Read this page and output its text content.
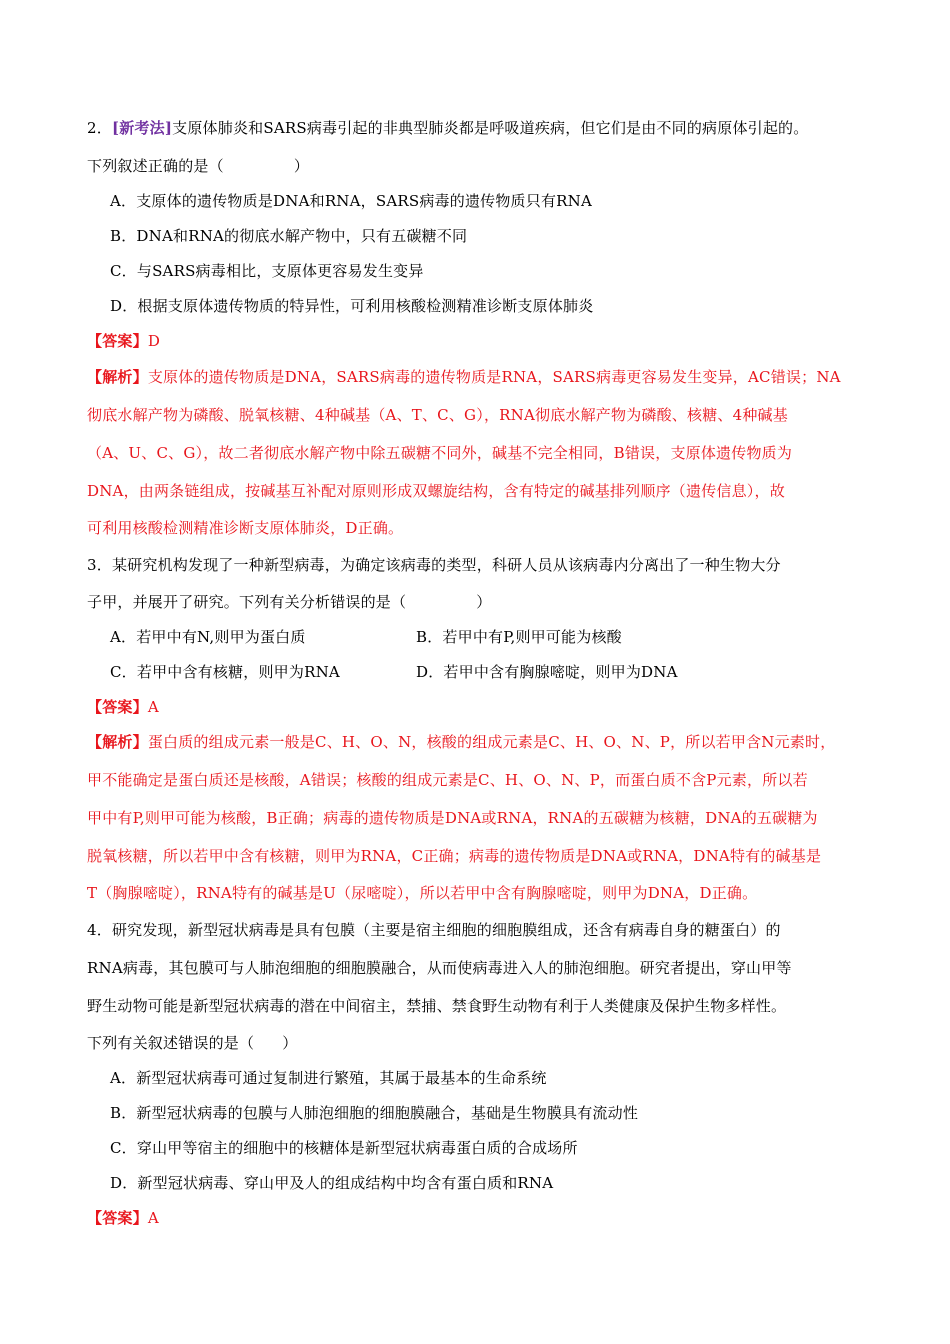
2．[新考法]支原体肺炎和SARS病毒引起的非典型肺炎都是呼吸道疾病，但它们是由不同的病原体引起的。
下列叙述正确的是（	）
A．支原体的遗传物质是DNA和RNA，SARS病毒的遗传物质只有RNA
B．DNA和RNA的彻底水解产物中，只有五碳糖不同
C．与SARS病毒相比，支原体更容易发生变异
D．根据支原体遗传物质的特异性，可利用核酸检测精准诊断支原体肺炎
【答案】D
【解析】支原体的遗传物质是DNA，SARS病毒的遗传物质是RNA，SARS病毒更容易发生变异，AC错误；NA
彻底水解产物为磷酸、脱氧核糖、4种碱基（A、T、C、G），RNA彻底水解产物为磷酸、核糖、4种碱基
（A、U、C、G），故二者彻底水解产物中除五碳糖不同外，碱基不完全相同，B错误，支原体遗传物质为
DNA，由两条链组成，按碱基互补配对原则形成双螺旋结构，含有特定的碱基排列顺序（遗传信息），故
可利用核酸检测精准诊断支原体肺炎，D正确。
3．某研究机构发现了一种新型病毒，为确定该病毒的类型，科研人员从该病毒内分离出了一种生物大分
子甲，并展开了研究。下列有关分析错误的是（	）
A．若甲中有N,则甲为蛋白质	B．若甲中有P,则甲可能为核酸
C．若甲中含有核糖，则甲为RNA	D．若甲中含有胸腺嘧啶，则甲为DNA
【答案】A
【解析】蛋白质的组成元素一般是C、H、O、N，核酸的组成元素是C、H、O、N、P，所以若甲含N元素时，
甲不能确定是蛋白质还是核酸，A错误；核酸的组成元素是C、H、O、N、P，而蛋白质不含P元素，所以若
甲中有P,则甲可能为核酸，B正确；病毒的遗传物质是DNA或RNA，RNA的五碳糖为核糖，DNA的五碳糖为
脱氧核糖，所以若甲中含有核糖，则甲为RNA，C正确；病毒的遗传物质是DNA或RNA，DNA特有的碱基是
T（胸腺嘧啶），RNA特有的碱基是U（尿嘧啶），所以若甲中含有胸腺嘧啶，则甲为DNA，D正确。
4．研究发现，新型冠状病毒是具有包膜（主要是宿主细胞的细胞膜组成，还含有病毒自身的糖蛋白）的
RNA病毒，其包膜可与人肺泡细胞的细胞膜融合，从而使病毒进入人的肺泡细胞。研究者提出，穿山甲等
野生动物可能是新型冠状病毒的潜在中间宿主，禁捕、禁食野生动物有利于人类健康及保护生物多样性。
下列有关叙述错误的是（ ）
A．新型冠状病毒可通过复制进行繁殖，其属于最基本的生命系统
B．新型冠状病毒的包膜与人肺泡细胞的细胞膜融合，基础是生物膜具有流动性
C．穿山甲等宿主的细胞中的核糖体是新型冠状病毒蛋白质的合成场所
D．新型冠状病毒、穿山甲及人的组成结构中均含有蛋白质和RNA
【答案】A
